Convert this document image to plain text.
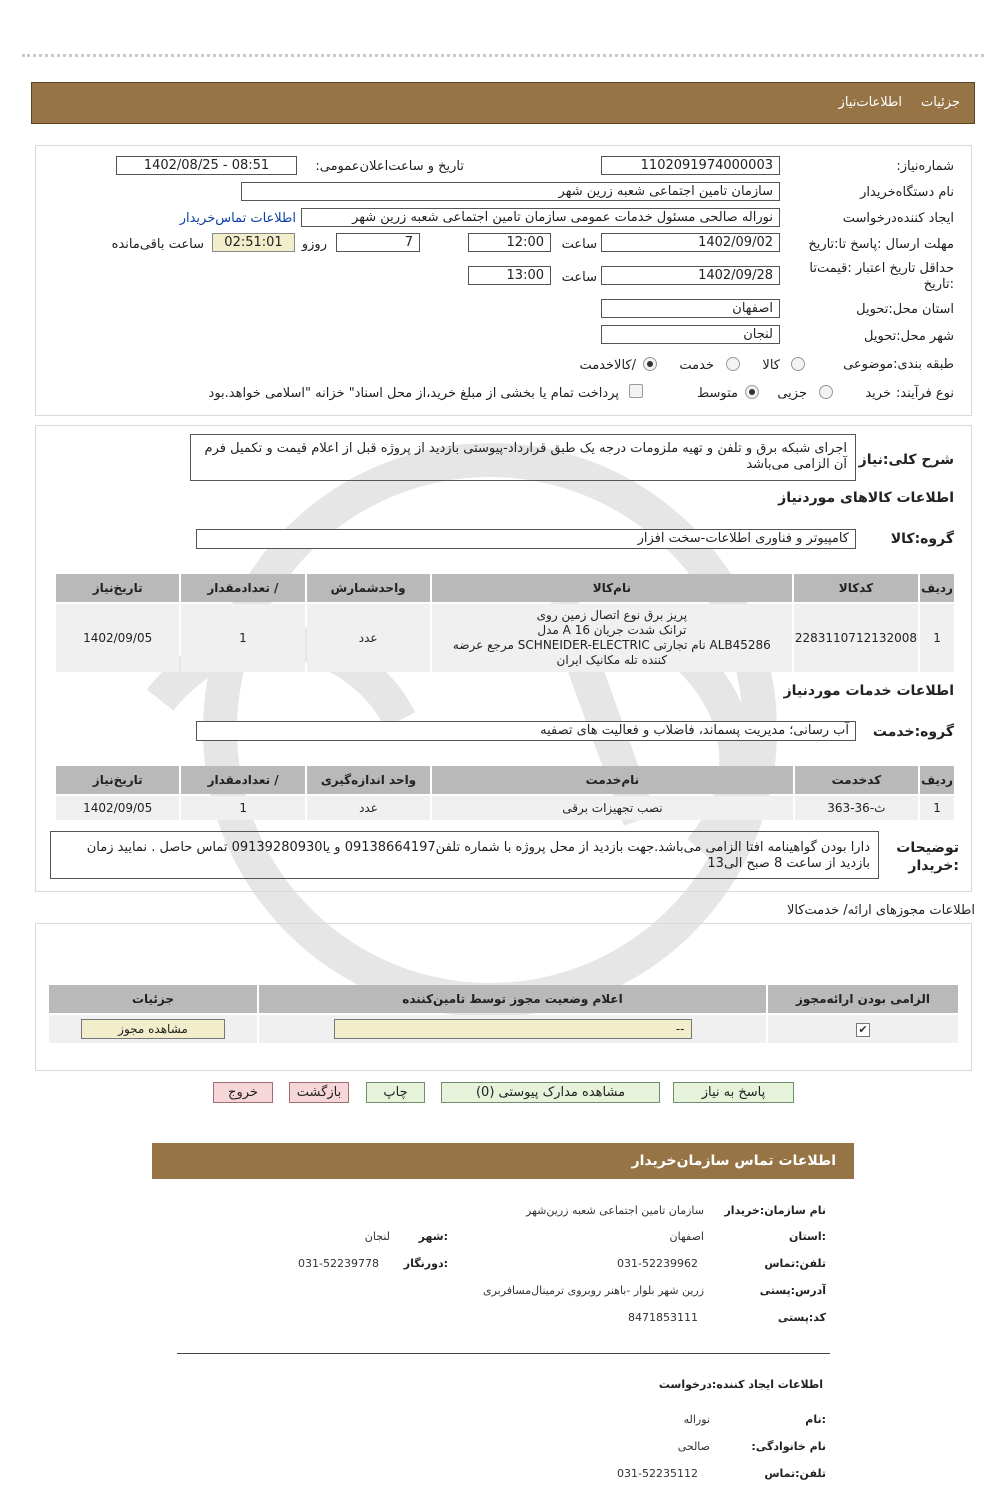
جزئیات
اطلاعات‌نیاز
شماره‌نیاز:
1102091974000003
تاریخ و ساعت‌اعلان‌عمومی:
1402/08/25 - 08:51
نام دستگاه‌خریدار
سازمان تامین اجتماعی شعبه زرین شهر
ایجاد کننده‌درخواست
نوراله صالحی مسئول خدمات عمومی سازمان تامین اجتماعی شعبه زرین شهر
اطلاعات تماس‌خریدار
مهلت ارسال :پاسخ تا:تاریخ
1402/09/02
ساعت
12:00
7
روزو
02:51:01
ساعت باقی‌مانده
حداقل تاریخ اعتبار :قیمت‌تا
:تاریخ
1402/09/28
ساعت
13:00
استان محل:تحویل
اصفهان
شهر محل:تحویل
لنجان
طبقه بندی:موضوعی
کالا
خدمت
/کالاخدمت
نوع فرآیند:
خرید
جزیی
متوسط
پرداخت تمام یا بخشی از مبلغ خرید،از محل اسناد" خزانه "اسلامی خواهد.بود
شرح کلی:نیاز
اجرای شبکه برق و تلفن و تهیه ملزومات درجه یک طبق قرارداد-پیوستی بازدید از پروژه قبل از اعلام قیمت و تکمیل فرم آن الزامی می‌باشد
اطلاعات کالاهای موردنیاز
گروه:کالا
کامپیوتر و فناوری اطلاعات-سخت افزار
ردیف	کدکالا	نام‌کالا	واحدشمارش	/ تعدادمقدار	تاریخ‌نیاز
1	2283110712132008	پریز برق نوع اتصال زمین روی
ترانک شدت جریان 16 A مدل
ALB45286 نام تجارتی SCHNEIDER-ELECTRIC مرجع عرضه
کننده تله مکانیک ایران	عدد	1	1402/09/05
اطلاعات خدمات موردنیاز
گروه:خدمت
آب رسانی؛ مدیریت پسماند، فاضلاب و فعالیت های تصفیه
ردیف	کدخدمت	نام‌خدمت	واحد اندازه‌گیری	/ تعدادمقدار	تاریخ‌نیاز
1	ث-36-363	نصب تجهیزات برقی	عدد	1	1402/09/05
توضیحات
:خریدار
دارا بودن گواهینامه افتا الزامی می‌باشد.جهت بازدید از محل پروژه با شماره تلفن09138664197 و یا09139280930 تماس حاصل . نمایید زمان بازدید از ساعت 8 صبح الی13
اطلاعات مجوزهای ارائه/ خدمت‌کالا
الزامی بودن ارائه‌مجوز	اعلام وضعیت مجوز توسط تامین‌کننده	جزئیات
✔	--	مشاهده مجوز
پاسخ به نیاز
مشاهده مدارک پیوستی (0)
چاپ
بازگشت
خروج
اطلاعات تماس سازمان‌خریدار
نام سازمان:خریدار
سازمان تامین اجتماعی شعبه زرین‌شهر
:استان
اصفهان
:شهر
لنجان
تلفن:تماس
031-52239962
:دورنگار
031-52239778
آدرس:پستی
زرین شهر بلوار -باهنر روبروی ترمینال‌مسافربری
کد:پستی
8471853111
اطلاعات ایجاد کننده:درخواست
:نام
نوراله
نام خانوادگی:
صالحی
تلفن:تماس
031-52235112
